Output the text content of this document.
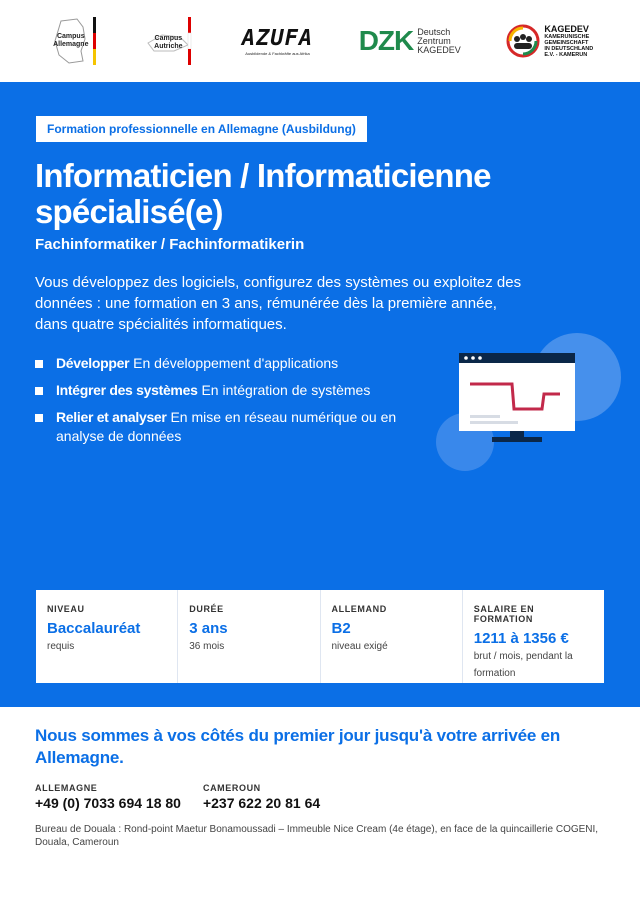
Campus Allemagne
Campus Autriche	AZUFA
Ausbildende & Fachkräfte aus Afrika DZK Deutsch
Zentrum
KAGEDEV
KAGEDEV
KAMERUNISCHE
GEMEINSCHAFT
IN DEUTSCHLAND
E.V. - KAMERUN
Formation professionnelle en Allemagne (Ausbildung)
Informaticien / Informaticienne spécialisé(e)
Fachinformatiker / Fachinformatikerin
Vous développez des logiciels, configurez des systèmes ou exploitez des données : une formation en 3 ans, rémunérée dès la première année, dans quatre spécialités informatiques.
Développer En développement d'applications
Intégrer des systèmes En intégration de systèmes
Relier et analyser En mise en réseau numérique ou en analyse de données
NIVEAU
Baccalauréat
requis
DURÉE
3 ans
36 mois
ALLEMAND
B2
niveau exigé
SALAIRE EN FORMATION
1211 à 1356 €
brut / mois, pendant la formation
Nous sommes à vos côtés du premier jour jusqu'à votre arrivée en Allemagne.
ALLEMAGNE
+49 (0) 7033 694 18 80
CAMEROUN
+237 622 20 81 64
Bureau de Douala : Rond-point Maetur Bonamoussadi – Immeuble Nice Cream (4e étage), en face de la quincaillerie COGENI, Douala, Cameroun
